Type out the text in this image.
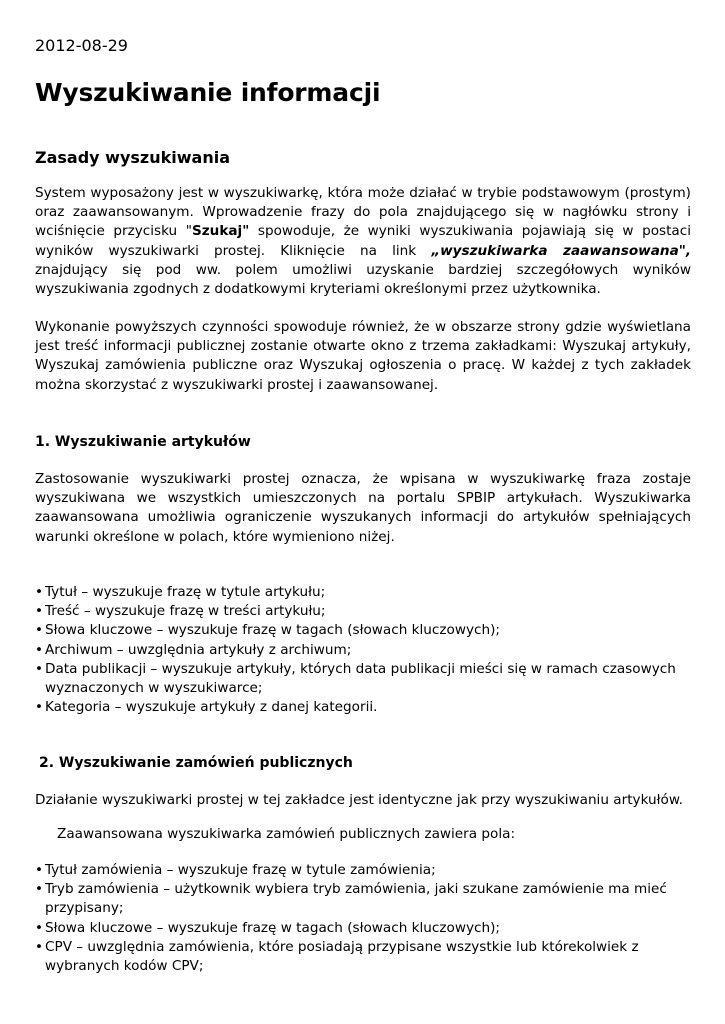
2012-08-29
Wyszukiwanie informacji
Zasady wyszukiwania

System wyposażony jest w wyszukiwarkę, która może działać w trybie podstawowym (prostym) oraz zaawansowanym. Wprowadzenie frazy do pola znajdującego się w nagłówku strony i wciśnięcie przycisku "Szukaj" spowoduje, że wyniki wyszukiwania pojawiają się w postaci wyników wyszukiwarki prostej. Kliknięcie na link „wyszukiwarka zaawansowana", znajdujący się pod ww. polem umożliwi uzyskanie bardziej szczegółowych wyników wyszukiwania zgodnych z dodatkowymi kryteriami określonymi przez użytkownika.

Wykonanie powyższych czynności spowoduje również, że w obszarze strony gdzie wyświetlana jest treść informacji publicznej zostanie otwarte okno z trzema zakładkami: Wyszukaj artykuły, Wyszukaj zamówienia publiczne oraz Wyszukaj ogłoszenia o pracę. W każdej z tych zakładek można skorzystać z wyszukiwarki prostej i zaawansowanej.

1. Wyszukiwanie artykułów

Zastosowanie wyszukiwarki prostej oznacza, że wpisana w wyszukiwarkę fraza zostaje wyszukiwana we wszystkich umieszczonych na portalu SPBIP artykułach. Wyszukiwarka zaawansowana umożliwia ograniczenie wyszukanych informacji do artykułów spełniających warunki określone w polach, które wymieniono niżej.

• Tytuł – wyszukuje frazę w tytule artykułu;
• Treść – wyszukuje frazę w treści artykułu;
• Słowa kluczowe – wyszukuje frazę w tagach (słowach kluczowych);
• Archiwum – uwzględnia artykuły z archiwum;
• Data publikacji – wyszukuje artykuły, których data publikacji mieści się w ramach czasowych
wyznaczonych w wyszukiwarce;
• Kategoria – wyszukuje artykuły z danej kategorii.
2. Wyszukiwanie zamówień publicznych

Działanie wyszukiwarki prostej w tej zakładce jest identyczne jak przy wyszukiwaniu artykułów.

Zaawansowana wyszukiwarka zamówień publicznych zawiera pola:

• Tytuł zamówienia – wyszukuje frazę w tytule zamówienia;
• Tryb zamówienia – użytkownik wybiera tryb zamówienia, jaki szukane zamówienie ma mieć
przypisany;
• Słowa kluczowe – wyszukuje frazę w tagach (słowach kluczowych);
• CPV – uwzględnia zamówienia, które posiadają przypisane wszystkie lub którekolwiek z
wybranych kodów CPV;
